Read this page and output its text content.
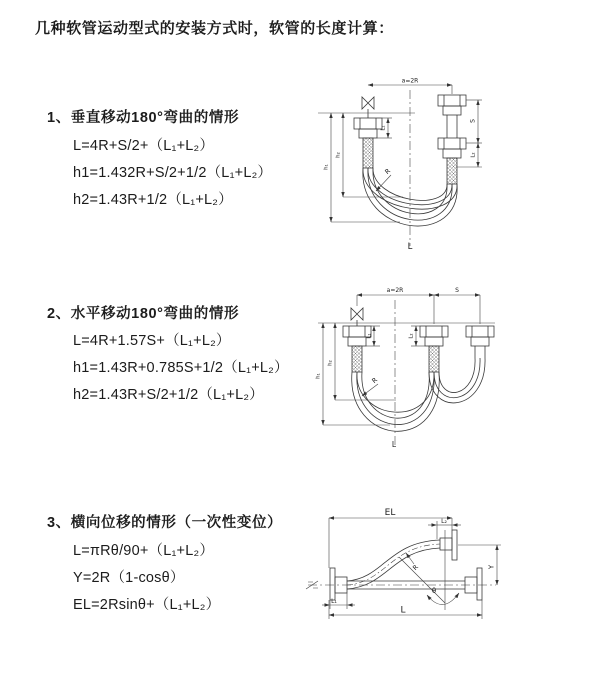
几种软管运动型式的安装方式时，软管的长度计算：
1、垂直移动180°弯曲的情形
L=4R+S/2+（L₁+L₂）
h1=1.432R+S/2+1/2（L₁+L₂）
h2=1.43R+1/2（L₁+L₂）
a=2R
h₁
h₂
L₁
S
L₂
R
L
2、水平移动180°弯曲的情形
L=4R+1.57S+（L₁+L₂）
h1=1.43R+0.785S+1/2（L₁+L₂）
h2=1.43R+S/2+1/2（L₁+L₂）
a=2R	S
h₁
h₂
L₁	L₂
R
L
3、横向位移的情形（一次性变位）
L=πRθ/90+（L₁+L₂）
Y=2R（1-cosθ）
EL=2Rsinθ+（L₁+L₂）
EL
L₂
R	Y
θ
L
L₁
